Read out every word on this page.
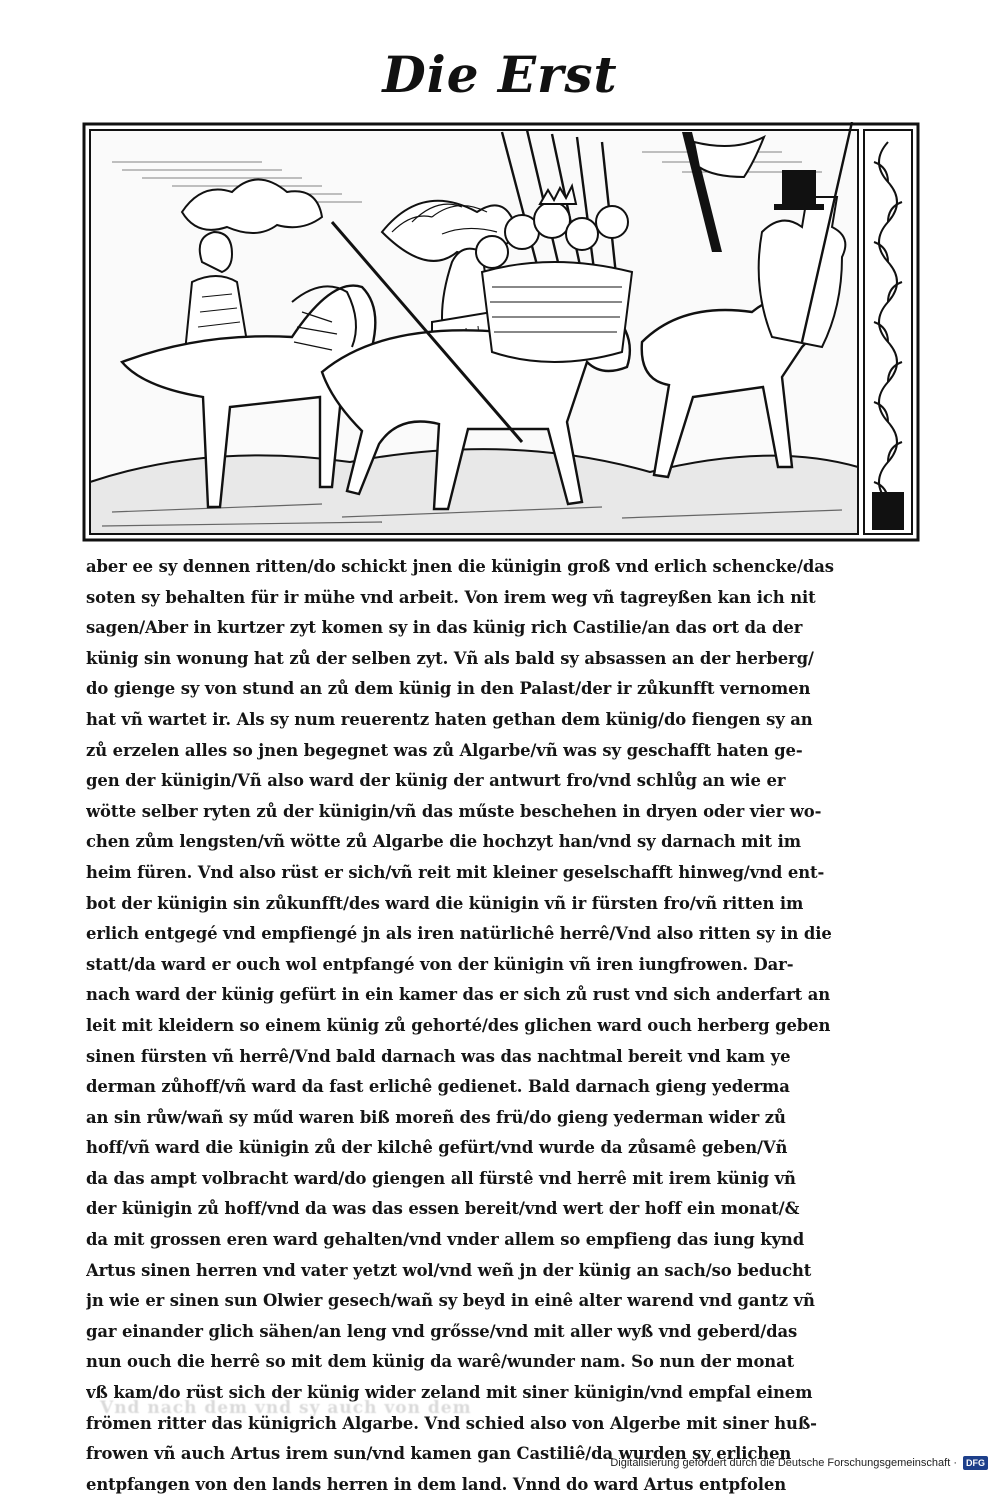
Die Erst
aber ee sy dennen ritten/do schickt jnen die künigin groß vnd erlich schencke/das
soten sy behalten für ir mühe vnd arbeit. Von irem weg vñ tagreyßen kan ich nit
sagen/Aber in kurtzer zyt komen sy in das künig rich Castilie/an das ort da der
künig sin wonung hat zů der selben zyt. Vñ als bald sy absassen an der herberg/
do gienge sy von stund an zů dem künig in den Palast/der ir zůkunfft vernomen
hat vñ wartet ir. Als sy num reuerentz haten gethan dem künig/do fiengen sy an
zů erzelen alles so jnen begegnet was zů Algarbe/vñ was sy geschafft haten ge-
gen der künigin/Vñ also ward der künig der antwurt fro/vnd schlůg an wie er
wötte selber ryten zů der künigin/vñ das műste beschehen in dryen oder vier wo-
chen zům lengsten/vñ wötte zů Algarbe die hochzyt han/vnd sy darnach mit im
heim füren. Vnd also rüst er sich/vñ reit mit kleiner geselschafft hinweg/vnd ent-
bot der künigin sin zůkunfft/des ward die künigin vñ ir fürsten fro/vñ ritten im
erlich entgegé vnd empfiengé jn als iren natürlichê herrê/Vnd also ritten sy in die
statt/da ward er ouch wol entpfangé von der künigin vñ iren iungfrowen. Dar-
nach ward der künig gefürt in ein kamer das er sich zů rust vnd sich anderfart an
leit mit kleidern so einem künig zů gehorté/des glichen ward ouch herberg geben
sinen fürsten vñ herrê/Vnd bald darnach was das nachtmal bereit vnd kam ye
derman zůhoff/vñ ward da fast erlichê gedienet. Bald darnach gieng yederma
an sin růw/wañ sy műd waren biß moreñ des frü/do gieng yederman wider zů
hoff/vñ ward die künigin zů der kilchê gefürt/vnd wurde da zůsamê geben/Vñ
da das ampt volbracht ward/do giengen all fürstê vnd herrê mit irem künig vñ
der künigin zů hoff/vnd da was das essen bereit/vnd wert der hoff ein monat/&
da mit grossen eren ward gehalten/vnd vnder allem so empfieng das iung kynd
Artus sinen herren vnd vater yetzt wol/vnd weñ jn der künig an sach/so beducht
jn wie er sinen sun Olwier gesech/wañ sy beyd in einê alter warend vnd gantz vñ
gar einander glich sähen/an leng vnd grősse/vnd mit aller wyß vnd geberd/das
nun ouch die herrê so mit dem künig da warê/wunder nam. So nun der monat
vß kam/do rüst sich der künig wider zeland mit siner künigin/vnd empfal einem
frömen ritter das künigrich Algarbe. Vnd schied also von Algerbe mit siner huß-
frowen vñ auch Artus irem sun/vnd kamen gan Castiliê/da wurden sy erlichen
entpfangen von den lands herren in dem land. Vnnd do ward Artus entpfolen
Vnd nach dem vnd sy auch von dem
Digitalisierung gefördert durch die Deutsche Forschungsgemeinschaft ·	DFG
